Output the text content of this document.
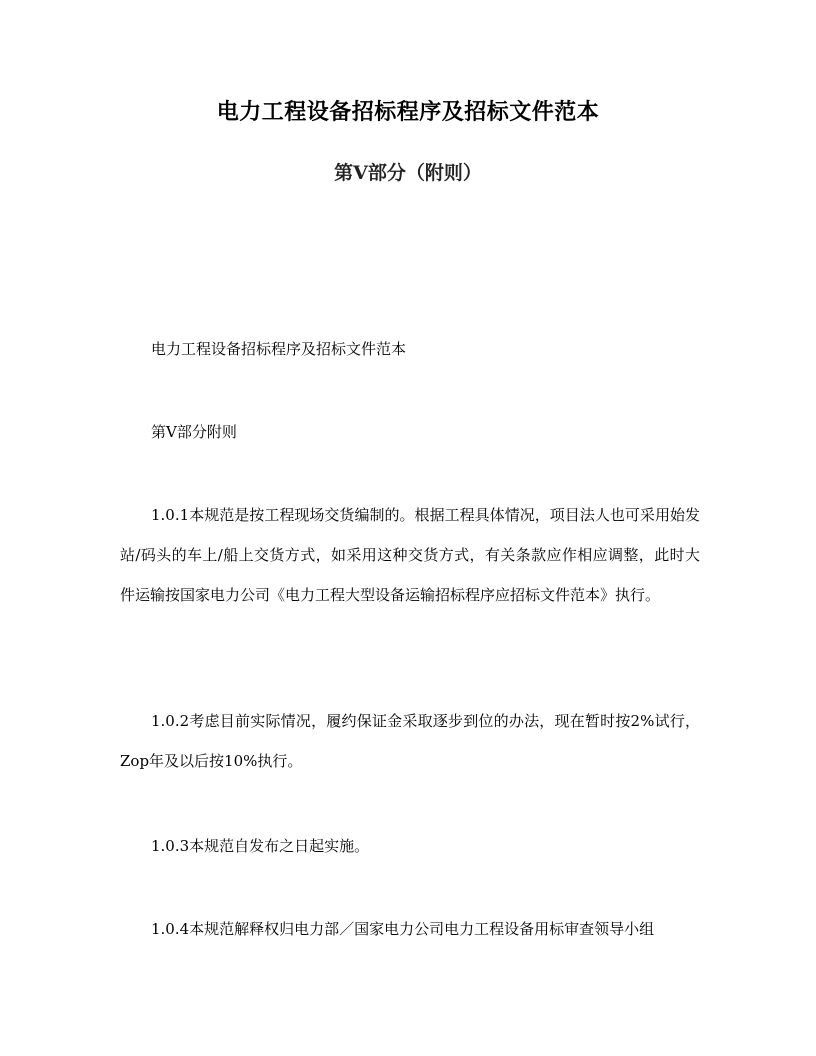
电力工程设备招标程序及招标文件范本
第Ⅴ部分（附则）

电力工程设备招标程序及招标文件范本

第Ⅴ部分附则

1.0.1本规范是按工程现场交货编制的。根据工程具体情况，项目法人也可采用始发站/码头的车上/船上交货方式，如采用这种交货方式，有关条款应作相应调整，此时大件运输按国家电力公司《电力工程大型设备运输招标程序应招标文件范本》执行。

1.0.2考虑目前实际情况，履约保证金采取逐步到位的办法，现在暂时按2%试行，Zop年及以后按10%执行。

1.0.3本规范自发布之日起实施。

1.0.4本规范解释权归电力部／国家电力公司电力工程设备用标审查领导小组
